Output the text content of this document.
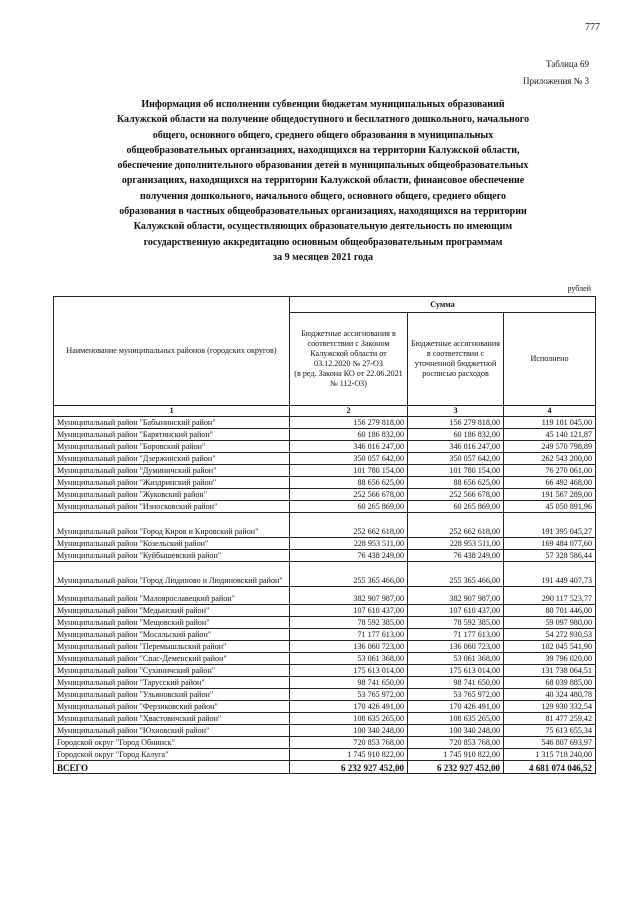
777
Таблица 69
Приложения № 3
Информация об исполнении субвенции бюджетам муниципальных образований
Калужской области на получение общедоступного и бесплатного дошкольного, начального
общего, основного общего, среднего общего образования в муниципальных
общеобразовательных организациях, находящихся на территории Калужской области,
обеспечение дополнительного образования детей в муниципальных общеобразовательных
организациях, находящихся на территории Калужской области, финансовое обеспечение
получения дошкольного, начального общего, основного общего, среднего общего
образования в частных общеобразовательных организациях, находящихся на территории
Калужской области, осуществляющих образовательную деятельность по имеющим
государственную аккредитацию основным общеобразовательным программам
за 9 месяцев 2021 года
рублей
Наименование муниципальных районов (городских округов)	Сумма		
	Бюджетные ассигнования в соответствии с Законом Калужской области от 03.12.2020 № 27-ОЗ
(в ред. Закона КО от 22.06.2021 № 112-ОЗ)	Бюджетные ассигнования в соответствии с уточненной бюджетной росписью расходов	Исполнено
1	2	3	4
Муниципальный район "Бабынинский район"	156 279 818,00	156 279 818,00	119 101 045,00
Муниципальный район "Барятинский район"	60 186 832,00	60 186 832,00	45 140 121,87
Муниципальный район "Боровский район"	346 016 247,00	346 016 247,00	249 570 798,89
Муниципальный район "Дзержинский район"	350 057 642,00	350 057 642,00	262 543 200,00
Муниципальный район "Думиничский район"	101 780 154,00	101 780 154,00	76 270 061,00
Муниципальный район "Жиздринский район"	88 656 625,00	88 656 625,00	66 492 468,00
Муниципальный район "Жуковский район"	252 566 678,00	252 566 678,00	191 567 289,00
Муниципальный район "Износковский район"	60 265 869,00	60 265 869,00	45 050 891,96
Муниципальный район "Город Киров и Кировский район"	252 662 618,00	252 662 618,00	191 395 045,27
Муниципальный район "Козельский район"	228 953 511,00	228 953 511,00	169 484 077,60
Муниципальный район "Куйбышевский район"	76 438 249,00	76 438 249,00	57 328 586,44
Муниципальный район "Город Людиново и Людиновский район"	255 365 466,00	255 365 466,00	191 449 407,73
Муниципальный район "Малоярославецкий район"	382 907 987,00	382 907 987,00	290 117 523,77
Муниципальный район "Медынский район"	107 610 437,00	107 610 437,00	80 701 446,00
Муниципальный район "Мещовский район"	78 592 385,00	78 592 385,00	59 097 980,00
Муниципальный район "Мосальский район"	71 177 613,00	71 177 613,00	54 272 930,53
Муниципальный район "Перемышльский район"	136 060 723,00	136 060 723,00	102 045 541,90
Муниципальный район "Спас-Деменский район"	53 061 368,00	53 061 368,00	39 796 020,00
Муниципальный район "Сухиничский район"	175 613 014,00	175 613 014,00	131 738 064,51
Муниципальный район "Тарусский район"	98 741 650,00	98 741 650,00	68 039 885,00
Муниципальный район "Ульяновский район"	53 765 972,00	53 765 972,00	40 324 480,78
Муниципальный район "Ферзиковский район"	170 426 491,00	170 426 491,00	129 930 332,54
Муниципальный район "Хвастовичский район"	108 635 265,00	108 635 265,00	81 477 259,42
Муниципальный район "Юхновский район"	100 340 248,00	100 340 248,00	75 613 655,34
Городской округ "Город Обнинск"	720 853 768,00	720 853 768,00	546 807 693,97
Городской округ "Город Калуга"	1 745 910 822,00	1 745 910 822,00	1 315 718 240,00
ВСЕГО	6 232 927 452,00	6 232 927 452,00	4 681 074 046,52
